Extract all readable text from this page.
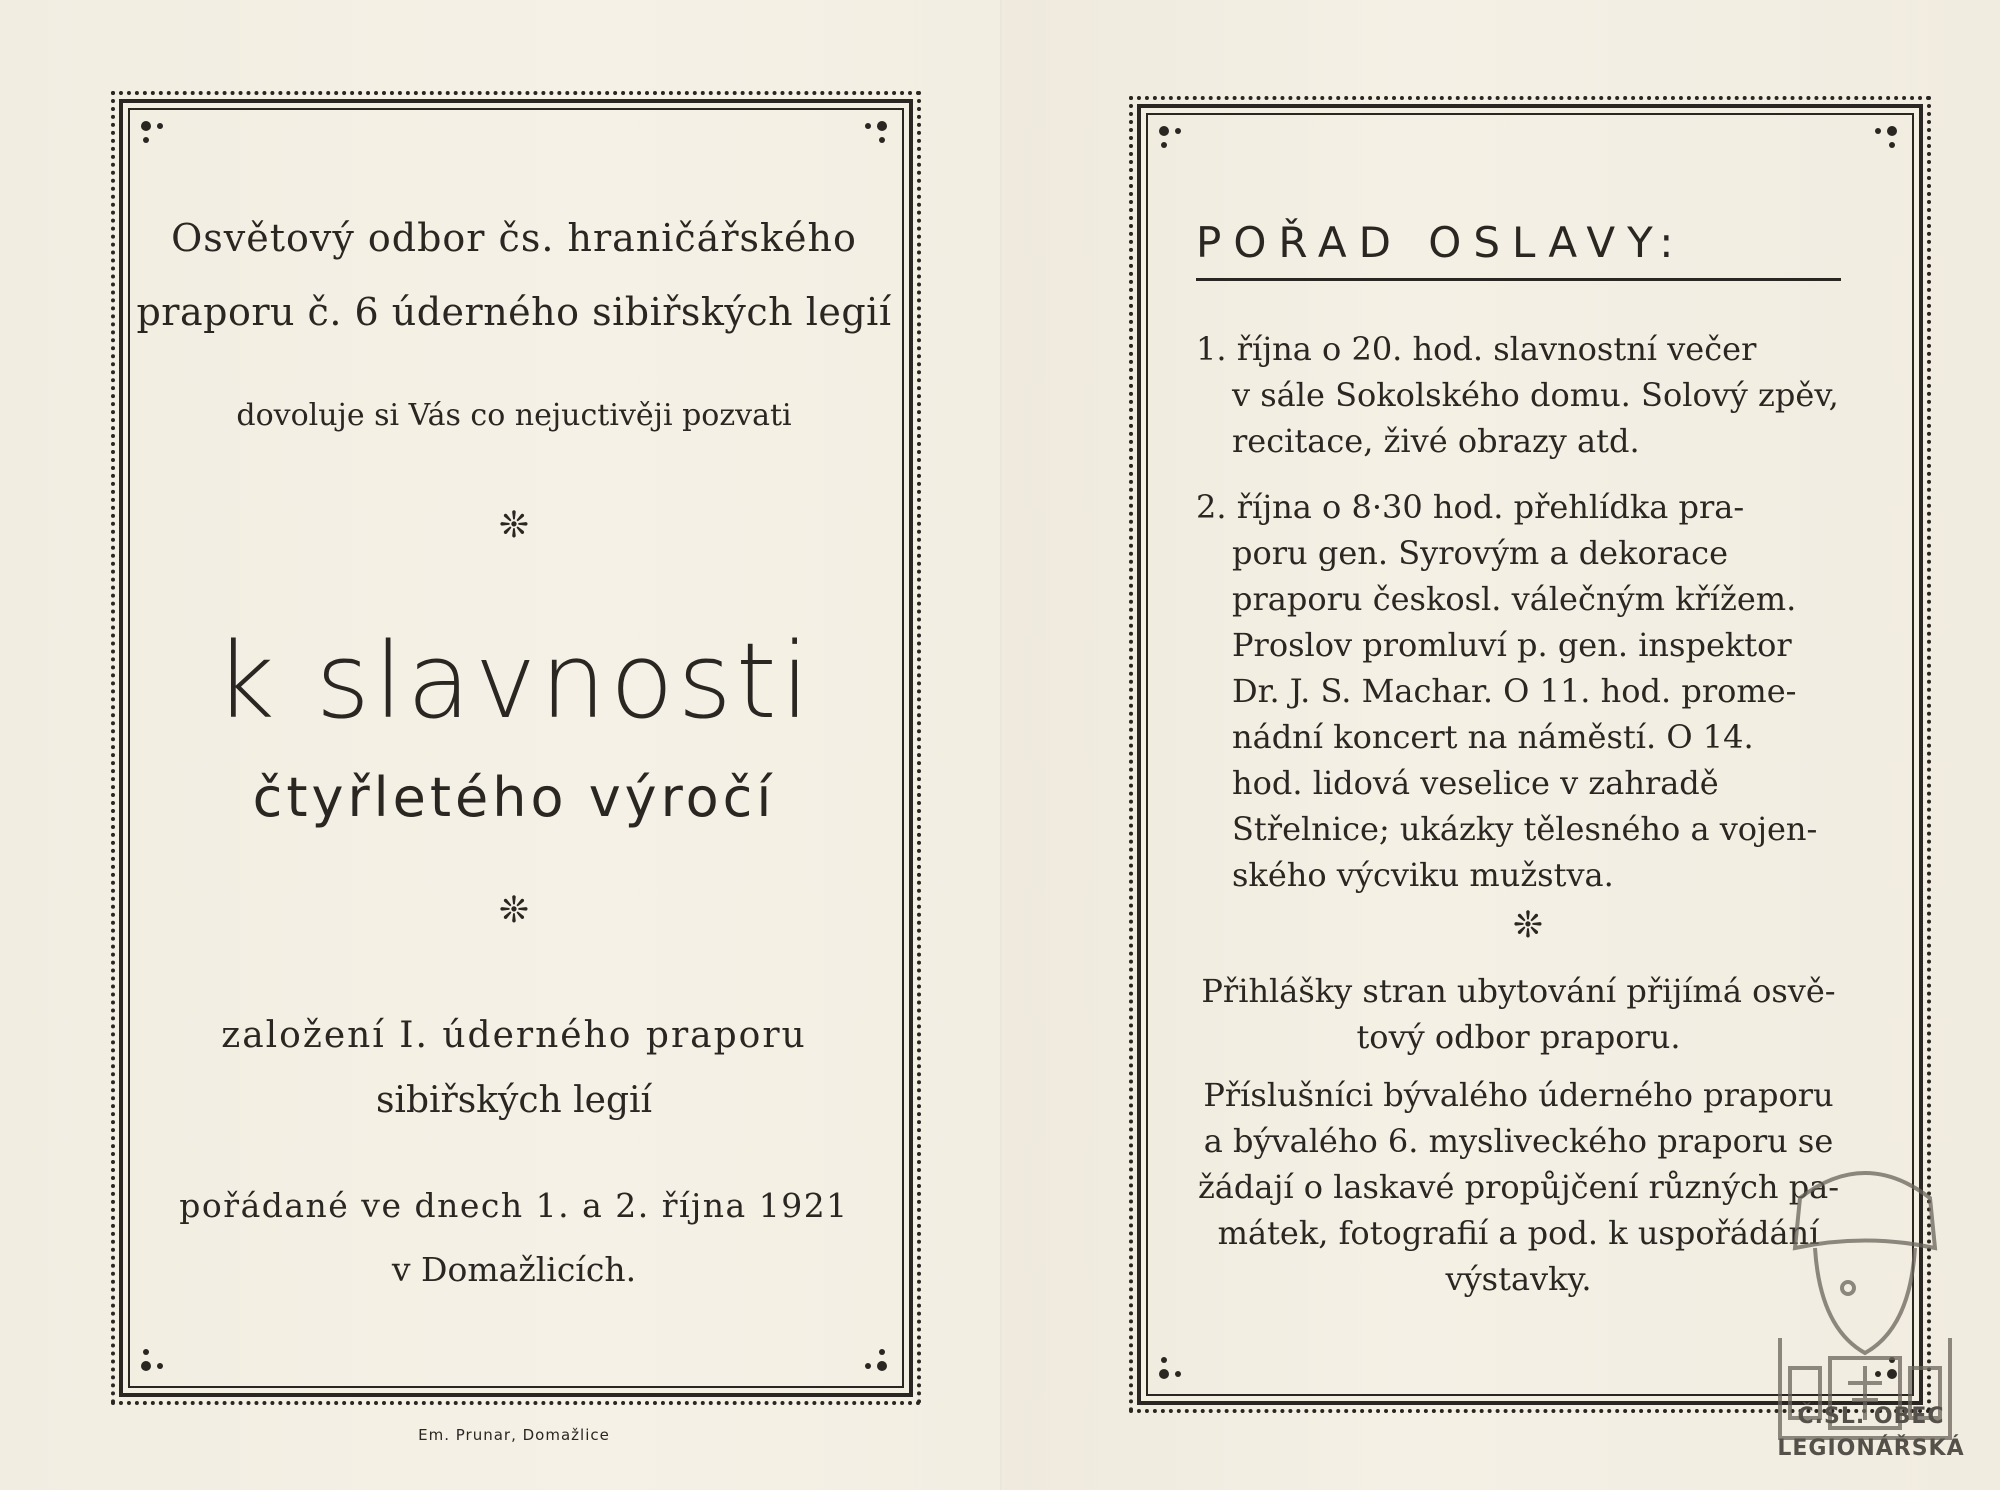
Osvětový odbor čs. hraničářského
praporu č. 6 úderného sibiřských legií
dovoluje si Vás co nejuctivěji pozvati
❊
k slavnosti
čtyřletého výročí
❊
založení I. úderného praporu
sibiřských legií
pořádané ve dnech 1. a 2. října 1921
v Domažlicích.
Em. Prunar, Domažlice
POŘAD OSLAVY:
1. října o 20. hod. slavnostní večer
v sále Sokolského domu. Solový zpěv,
recitace, živé obrazy atd.
2. října o 8·30 hod. přehlídka pra-
poru gen. Syrovým a dekorace
praporu českosl. válečným křížem.
Proslov promluví p. gen. inspektor
Dr. J. S. Machar. O 11. hod. prome-
nádní koncert na náměstí. O 14.
hod. lidová veselice v zahradě
Střelnice; ukázky tělesného a vojen-
ského výcviku mužstva.
❊
Přihlášky stran ubytování přijímá osvě-
tový odbor praporu.
Příslušníci bývalého úderného praporu
a bývalého 6. mysliveckého praporu se
žádají o laskavé propůjčení různých pa-
mátek, fotografií a pod. k uspořádání
výstavky.
Č.SL. OBEC
LEGIONÁŘSKÁ
